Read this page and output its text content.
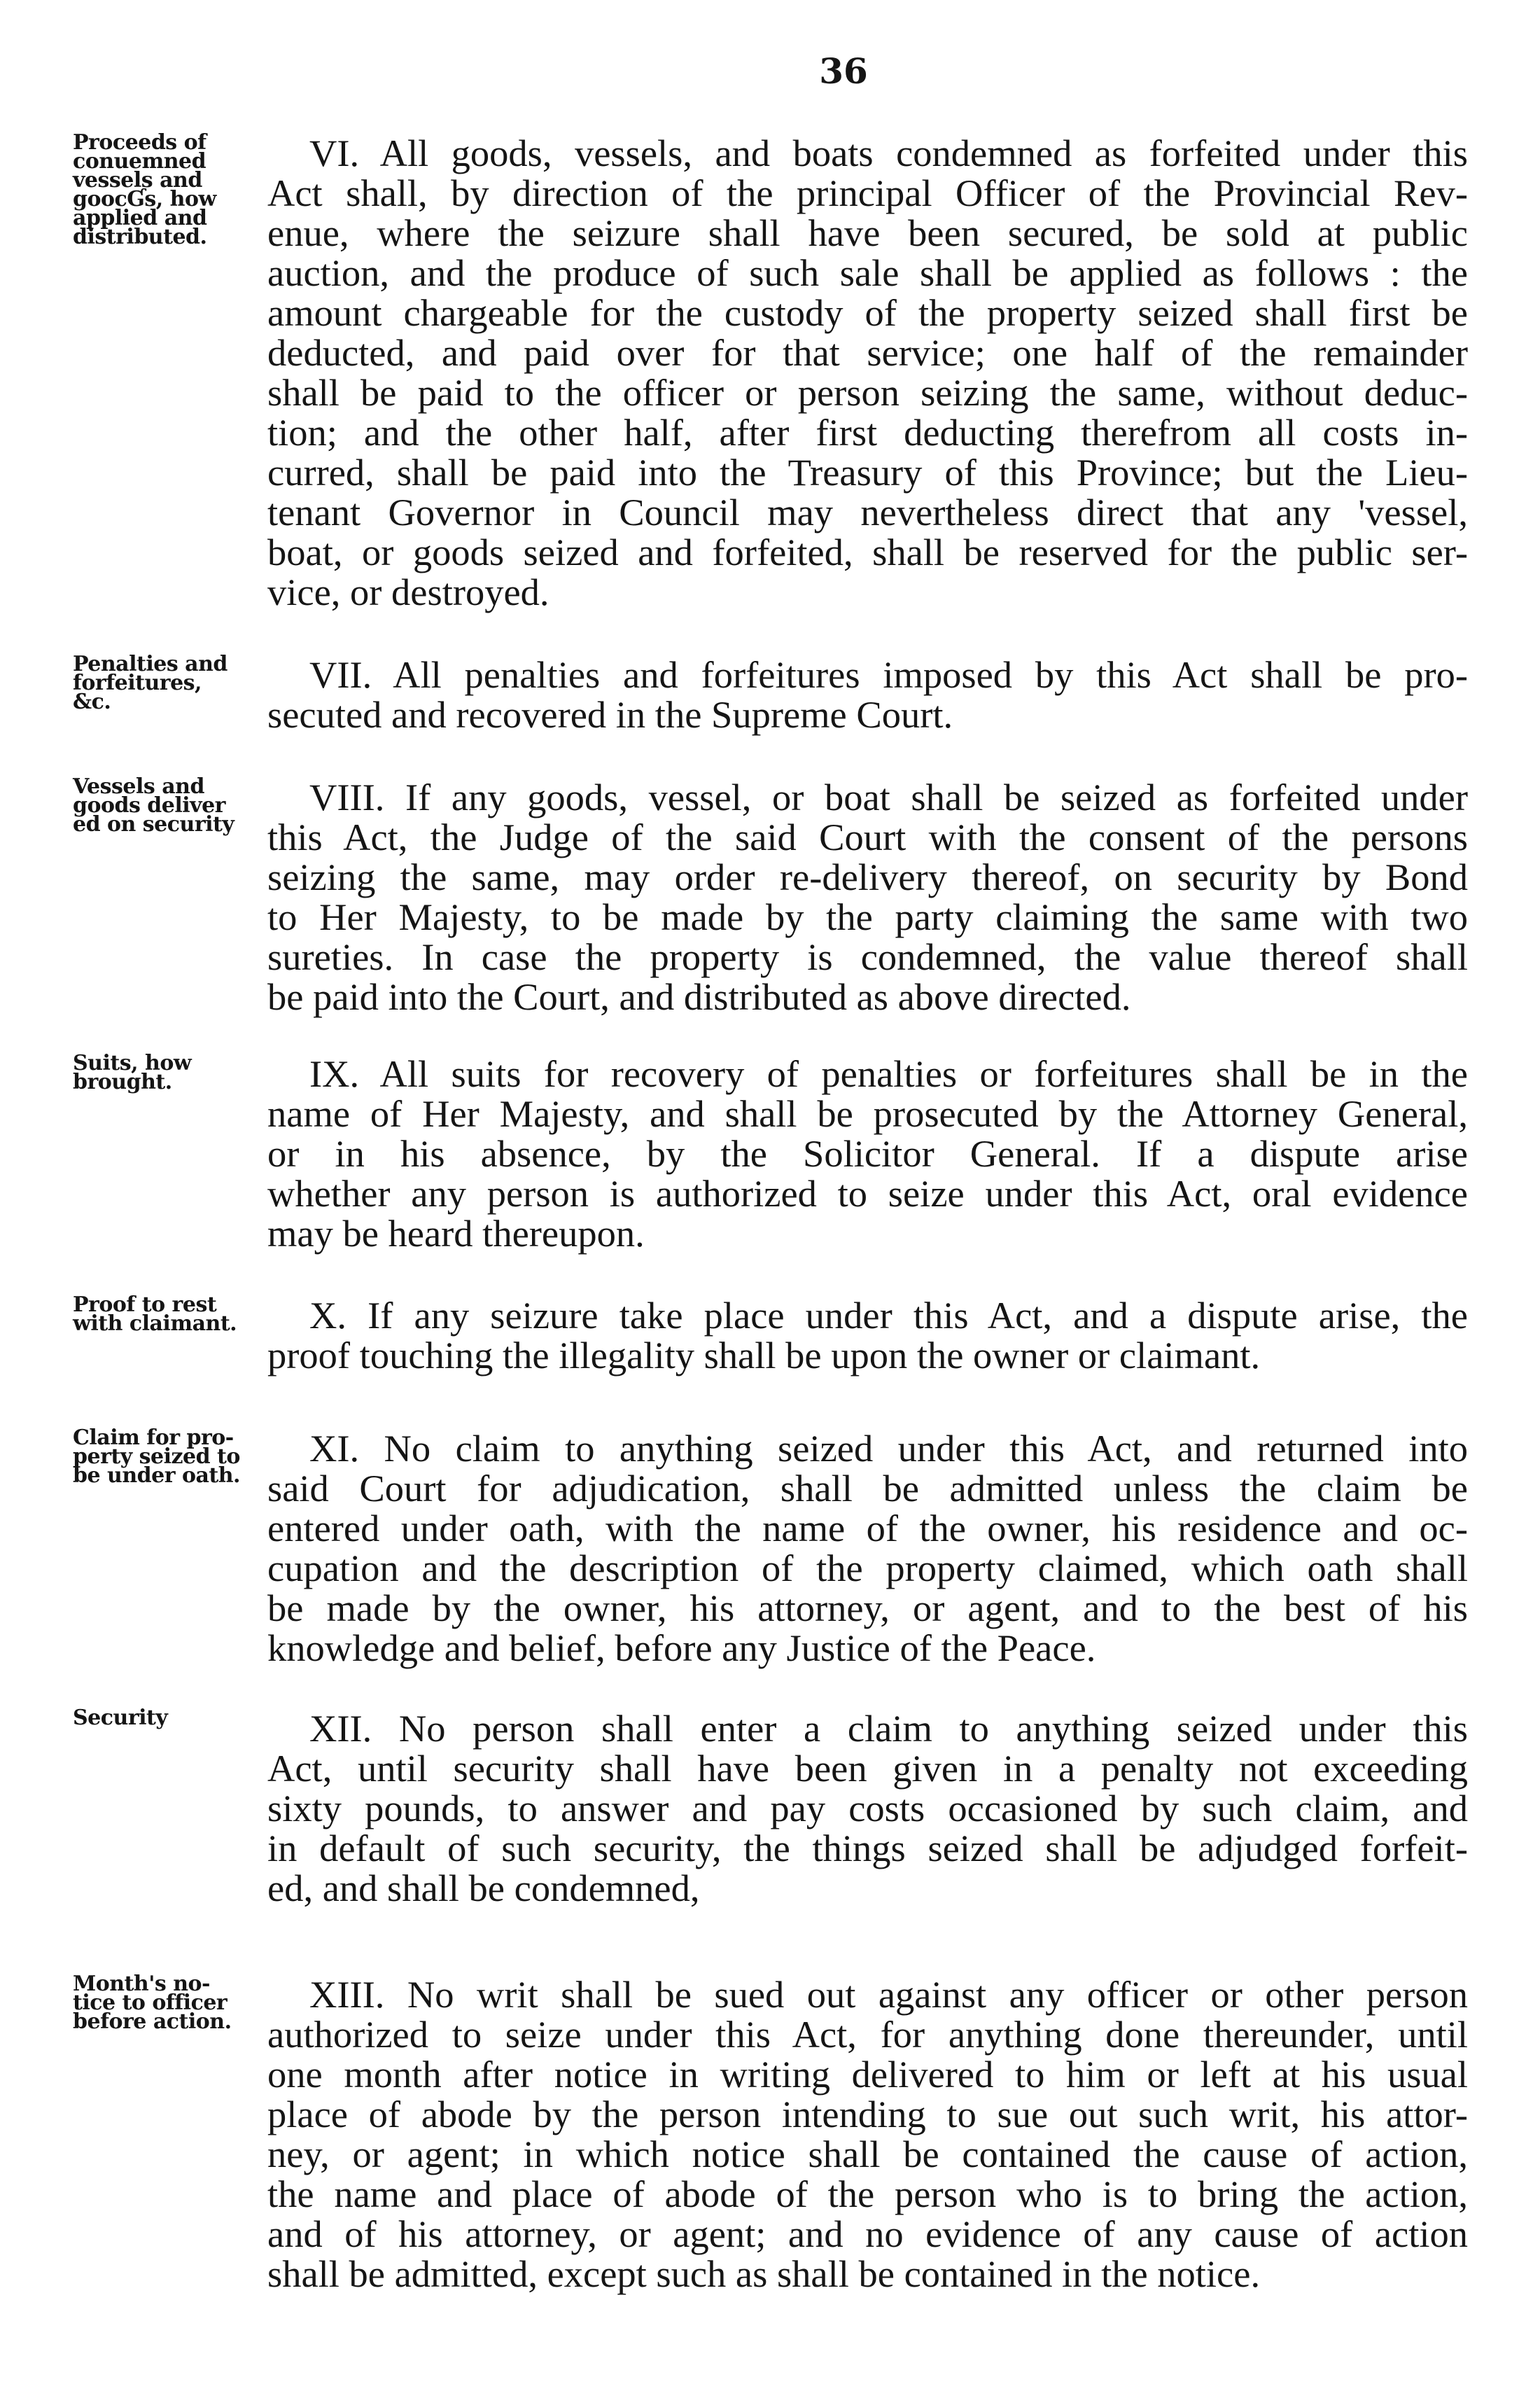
36
Proceeds of
conuemned
vessels and
goocƓs, how
applied and
distributed.
VI. All goods, vessels, and boats condemned as forfeited under this
Act shall, by direction of the principal Officer of the Provincial Rev-
enue, where the seizure shall have been secured, be sold at public
auction, and the produce of such sale shall be applied as follows : the
amount chargeable for the custody of the property seized shall first be
deducted, and paid over for that service; one half of the remainder
shall be paid to the officer or person seizing the same, without deduc-
tion; and the other half, after first deducting therefrom all costs in-
curred, shall be paid into the Treasury of this Province; but the Lieu-
tenant Governor in Council may nevertheless direct that any 'vessel,
boat, or goods seized and forfeited, shall be reserved for the public ser-
vice, or destroyed.
Penalties and
forfeitures,
&c.
VII. All penalties and forfeitures imposed by this Act shall be pro-
secuted and recovered in the Supreme Court.
Vessels and
goods deliver
ed on security
VIII. If any goods, vessel, or boat shall be seized as forfeited under
this Act, the Judge of the said Court with the consent of the persons
seizing the same, may order re-delivery thereof, on security by Bond
to Her Majesty, to be made by the party claiming the same with two
sureties. In case the property is condemned, the value thereof shall
be paid into the Court, and distributed as above directed.
Suits, how
brought.	IX. All suits for recovery of penalties or forfeitures shall be in the
name of Her Majesty, and shall be prosecuted by the Attorney General,
or in his absence, by the Solicitor General. If a dispute arise
whether any person is authorized to seize under this Act, oral evidence
may be heard thereupon.
Proof to rest
with claimant.	X. If any seizure take place under this Act, and a dispute arise, the
proof touching the illegality shall be upon the owner or claimant.
Claim for pro-
perty seized to
be under oath.
XI. No claim to anything seized under this Act, and returned into
said Court for adjudication, shall be admitted unless the claim be
entered under oath, with the name of the owner, his residence and oc-
cupation and the description of the property claimed, which oath shall
be made by the owner, his attorney, or agent, and to the best of his
knowledge and belief, before any Justice of the Peace.
Security	XII. No person shall enter a claim to anything seized under this
Act, until security shall have been given in a penalty not exceeding
sixty pounds, to answer and pay costs occasioned by such claim, and
in default of such security, the things seized shall be adjudged forfeit-
ed, and shall be condemned,
Month's no-
tice to officer
before action.
XIII. No writ shall be sued out against any officer or other person
authorized to seize under this Act, for anything done thereunder, until
one month after notice in writing delivered to him or left at his usual
place of abode by the person intending to sue out such writ, his attor-
ney, or agent; in which notice shall be contained the cause of action,
the name and place of abode of the person who is to bring the action,
and of his attorney, or agent; and no evidence of any cause of action
shall be admitted, except such as shall be contained in the notice.
